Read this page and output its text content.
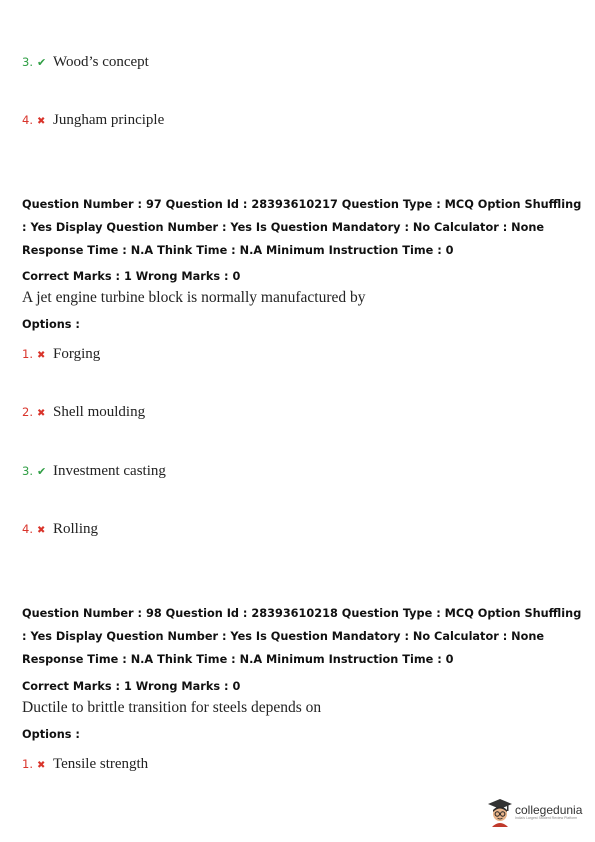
3. ✔ Wood’s concept
4. ✖ Jungham principle
Question Number : 97 Question Id : 28393610217 Question Type : MCQ Option Shuffling : Yes Display Question Number : Yes Is Question Mandatory : No Calculator : None Response Time : N.A Think Time : N.A Minimum Instruction Time : 0
Correct Marks : 1 Wrong Marks : 0
A jet engine turbine block is normally manufactured by
Options :
1. ✖ Forging
2. ✖ Shell moulding
3. ✔ Investment casting
4. ✖ Rolling
Question Number : 98 Question Id : 28393610218 Question Type : MCQ Option Shuffling : Yes Display Question Number : Yes Is Question Mandatory : No Calculator : None Response Time : N.A Think Time : N.A Minimum Instruction Time : 0
Correct Marks : 1 Wrong Marks : 0
Ductile to brittle transition for steels depends on
Options :
1. ✖ Tensile strength
collegedunia
India's Largest Student Review Platform
